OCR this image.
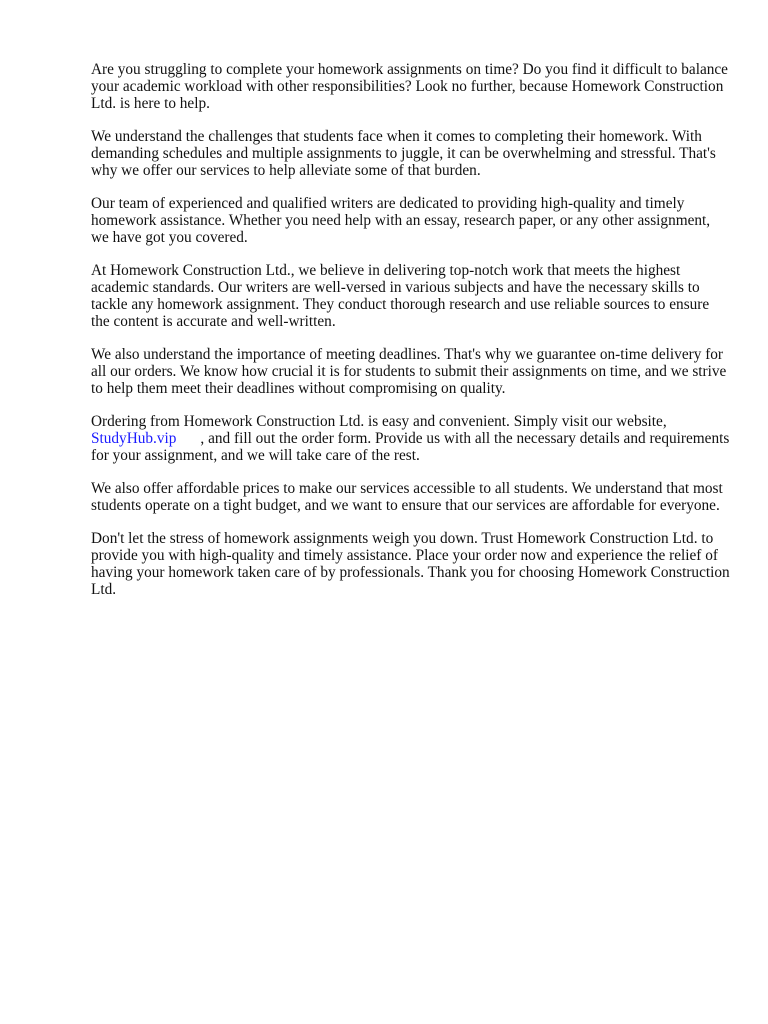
Are you struggling to complete your homework assignments on time? Do you find it difficult to balance your academic workload with other responsibilities? Look no further, because Homework Construction Ltd. is here to help.

We understand the challenges that students face when it comes to completing their homework. With demanding schedules and multiple assignments to juggle, it can be overwhelming and stressful. That's why we offer our services to help alleviate some of that burden.

Our team of experienced and qualified writers are dedicated to providing high-quality and timely homework assistance. Whether you need help with an essay, research paper, or any other assignment, we have got you covered.

At Homework Construction Ltd., we believe in delivering top-notch work that meets the highest academic standards. Our writers are well-versed in various subjects and have the necessary skills to tackle any homework assignment. They conduct thorough research and use reliable sources to ensure the content is accurate and well-written.

We also understand the importance of meeting deadlines. That's why we guarantee on-time delivery for all our orders. We know how crucial it is for students to submit their assignments on time, and we strive to help them meet their deadlines without compromising on quality.

Ordering from Homework Construction Ltd. is easy and convenient. Simply visit our website,
StudyHub.vip , and fill out the order form. Provide us with all the necessary details and requirements for your assignment, and we will take care of the rest.

We also offer affordable prices to make our services accessible to all students. We understand that most students operate on a tight budget, and we want to ensure that our services are affordable for everyone.

Don't let the stress of homework assignments weigh you down. Trust Homework Construction Ltd. to provide you with high-quality and timely assistance. Place your order now and experience the relief of having your homework taken care of by professionals. Thank you for choosing Homework Construction Ltd.
